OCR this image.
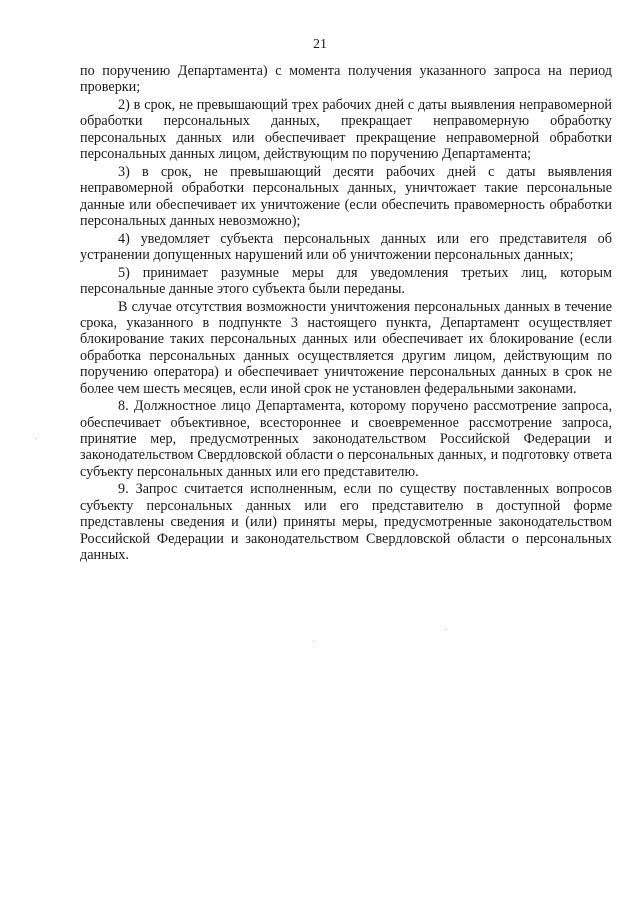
21

по поручению Департамента) с момента получения указанного запроса на период проверки;

2) в срок, не превышающий трех рабочих дней с даты выявления неправомерной обработки персональных данных, прекращает неправомерную обработку персональных данных или обеспечивает прекращение неправомерной обработки персональных данных лицом, действующим по поручению Департамента;

3) в срок, не превышающий десяти рабочих дней с даты выявления неправомерной обработки персональных данных, уничтожает такие персональные данные или обеспечивает их уничтожение (если обеспечить правомерность обработки персональных данных невозможно);

4) уведомляет субъекта персональных данных или его представителя об устранении допущенных нарушений или об уничтожении персональных данных;

5) принимает разумные меры для уведомления третьих лиц, которым персональные данные этого субъекта были переданы.

В случае отсутствия возможности уничтожения персональных данных в течение срока, указанного в подпункте 3 настоящего пункта, Департамент осуществляет блокирование таких персональных данных или обеспечивает их блокирование (если обработка персональных данных осуществляется другим лицом, действующим по поручению оператора) и обеспечивает уничтожение персональных данных в срок не более чем шесть месяцев, если иной срок не установлен федеральными законами.

8. Должностное лицо Департамента, которому поручено рассмотрение запроса, обеспечивает объективное, всестороннее и своевременное рассмотрение запроса, принятие мер, предусмотренных законодательством Российской Федерации и законодательством Свердловской области о персональных данных, и подготовку ответа субъекту персональных данных или его представителю.

9. Запрос считается исполненным, если по существу поставленных вопросов субъекту персональных данных или его представителю в доступной форме представлены сведения и (или) приняты меры, предусмотренные законодательством Российской Федерации и законодательством Свердловской области о персональных данных.
